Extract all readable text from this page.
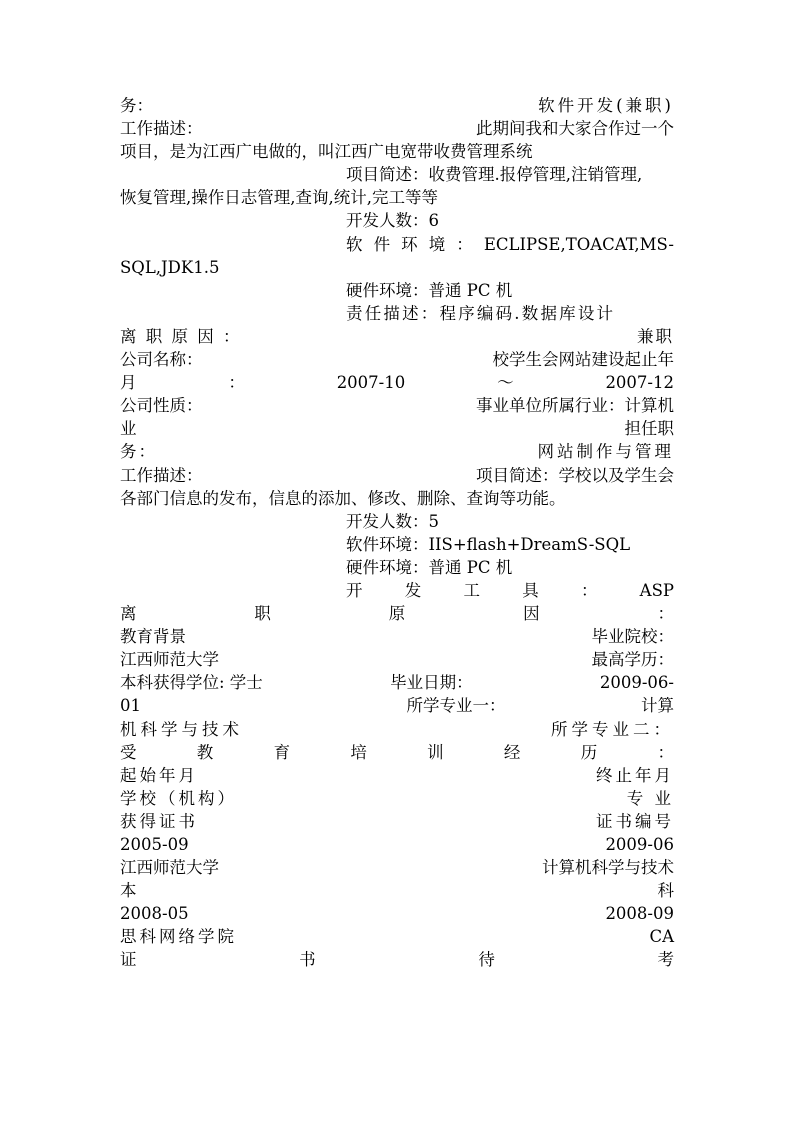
务：	软件开发(兼职)
工作描述：	此期间我和大家合作过一个
项目，是为江西广电做的，叫江西广电宽带收费管理系统
项目简述：收费管理.报停管理,注销管理,
恢复管理,操作日志管理,查询,统计,完工等等
开发人数：6
软 件 环 境 ： ECLIPSE,TOACAT,MS-
SQL,JDK1.5
硬件环境：普通 PC 机
责任描述：程序编码.数据库设计
离 职 原 因 ：	兼职
公司名称：	校学生会网站建设起止年
月	：	2007-10	～	2007-12
公司性质：	事业单位所属行业：计算机
业	担任职
务：	网站制作与管理
工作描述：	项目简述：学校以及学生会
各部门信息的发布，信息的添加、修改、删除、查询等功能。
开发人数：5
软件环境：IIS+flash+DreamS-SQL
硬件环境：普通 PC 机
开	发	工	具	：	ASP
离	职	原	因	：
教育背景	毕业院校：
江西师范大学	最高学历：
本科获得学位: 学士	毕业日期：	2009-06-
01	所学专业一：	计算
机科学与技术	所学专业二：
受	教	育	培	训	经	历	：
起始年月	终止年月
学校（机构）	专 业
获得证书	证书编号
2005-09	2009-06
江西师范大学	计算机科学与技术
本	科
2008-05	2008-09
思科网络学院	CA
证	书	待	考
